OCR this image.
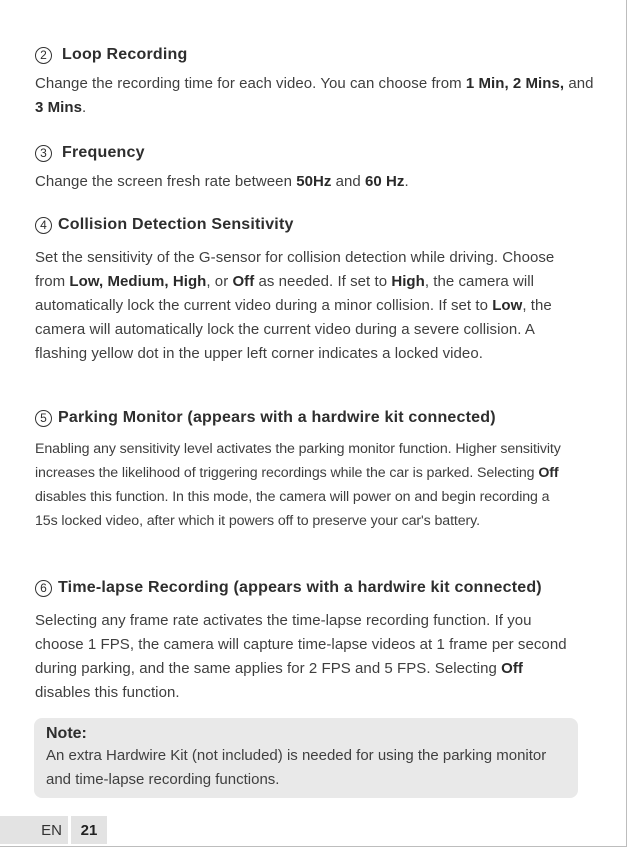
2 Loop Recording
Change the recording time for each video. You can choose from 1 Min, 2 Mins, and 3 Mins.
3 Frequency
Change the screen fresh rate between 50Hz and 60 Hz.
4 Collision Detection Sensitivity
Set the sensitivity of the G-sensor for collision detection while driving. Choose from Low, Medium, High, or Off as needed. If set to High, the camera will automatically lock the current video during a minor collision. If set to Low, the camera will automatically lock the current video during a severe collision. A flashing yellow dot in the upper left corner indicates a locked video.
5 Parking Monitor (appears with a hardwire kit connected)
Enabling any sensitivity level activates the parking monitor function. Higher sensitivity increases the likelihood of triggering recordings while the car is parked. Selecting Off disables this function. In this mode, the camera will power on and begin recording a 15s locked video, after which it powers off to preserve your car's battery.
6 Time-lapse Recording (appears with a hardwire kit connected)
Selecting any frame rate activates the time-lapse recording function. If you choose 1 FPS, the camera will capture time-lapse videos at 1 frame per second during parking, and the same applies for 2 FPS and 5 FPS. Selecting Off disables this function.
Note:
An extra Hardwire Kit (not included) is needed for using the parking monitor and time-lapse recording functions.
EN	21
